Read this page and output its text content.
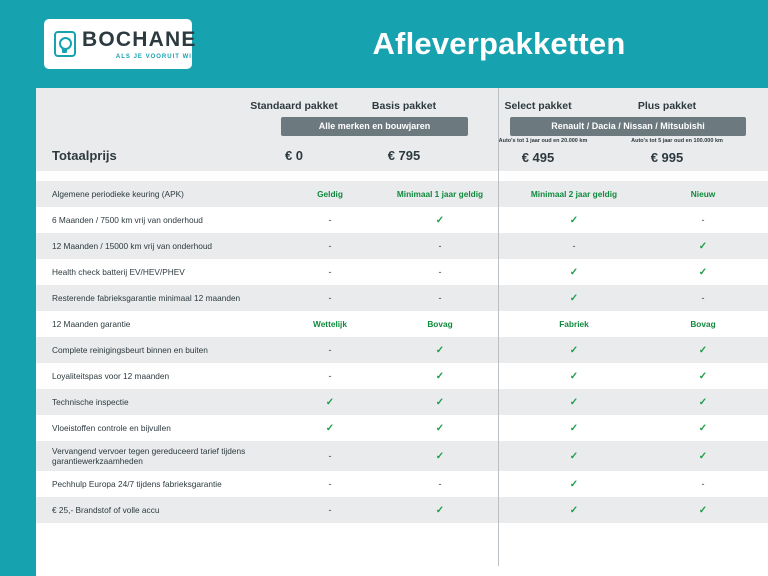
BOCHANE
ALS JE VOORUIT WIL	Afleverpakketten
Standaard pakket	Basis pakket
Alle merken en bouwjaren
€ 0	€ 795
Select pakket	Plus pakket
Renault / Dacia / Nissan / Mitsubishi
Auto's tot 1 jaar oud en 20.000 km	Auto's tot 5 jaar oud en 100.000 km
€ 495	€ 995
Totaalprijs
Algemene periodieke keuring (APK)	Geldig	Minimaal 1 jaar geldig	Minimaal 2 jaar geldig	Nieuw
6 Maanden / 7500 km vrij van onderhoud	-	✓	✓	-
12 Maanden / 15000 km vrij van onderhoud	-	-	-	✓
Health check batterij EV/HEV/PHEV	-	-	✓	✓
Resterende fabrieksgarantie minimaal 12 maanden	-	-	✓	-
12 Maanden garantie	Wettelijk	Bovag	Fabriek	Bovag
Complete reinigingsbeurt binnen en buiten	-	✓	✓	✓
Loyaliteitspas voor 12 maanden	-	✓	✓	✓
Technische inspectie	✓	✓	✓	✓
Vloeistoffen controle en bijvullen	✓	✓	✓	✓
Vervangend vervoer tegen gereduceerd tarief tijdens garantiewerkzaamheden	-	✓	✓	✓
Pechhulp Europa 24/7 tijdens fabrieksgarantie	-	-	✓	-
€ 25,- Brandstof of volle accu	-	✓	✓	✓
